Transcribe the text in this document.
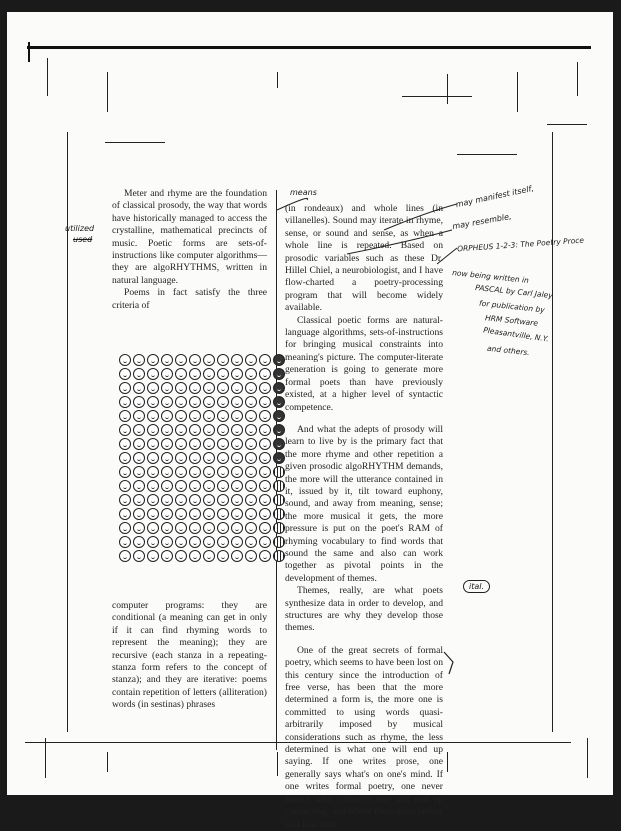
Meter and rhyme are the foundation of classical prosody, the way that words have historically managed to access the crystalline, mathematical precincts of music. Poetic forms are sets-of-instructions like computer algorithms—they are algoRHYTHMS, written in natural language.

Poems in fact satisfy the three criteria of

computer programs: they are conditional (a meaning can get in only if it can find rhyming words to represent the meaning); they are recursive (each stanza in a repeating-stanza form refers to the concept of stanza); and they are iterative: poems contain repetition of letters (alliteration) words (in sestinas) phrases

(in rondeaux) and whole lines (in villanelles). Sound may iterate in rhyme, sense, or sound and sense, as when a whole line is repeated. Based on prosodic variables such as these Dr. Hillel Chiel, a neurobiologist, and I have flow-charted a poetry-processing program that will become widely available.

Classical poetic forms are natural-language algorithms, sets-of-instructions for bringing musical constraints into meaning's picture. The computer-literate generation is going to generate more formal poets than have previously existed, at a higher level of syntactic competence.

And what the adepts of prosody will learn to live by is the primary fact that the more rhyme and other repetition a given prosodic algoRHYTHM demands, the more will the utterance contained in it, issued by it, tilt toward euphony, sound, and away from meaning, sense; the more musical it gets, the more pressure is put on the poet's RAM of rhyming vocabulary to find words that sound the same and also can work together as pivotal points in the development of themes.

Themes, really, are what poets synthesize data in order to develop, and structures are why they develop those themes.

One of the great secrets of formal poetry, which seems to have been lost on this century since the introduction of free verse, has been that the more determined a form is, the more one is committed to using words quasi-arbitrarily imposed by musical considerations such as rhyme, the less determined is what one will end up saying. If one writes prose, one generally says what's on one's mind. If one writes formal poetry, one never knows what concepts one will end up connecting, and where these associations will lead one.

utilized
used
means	may manifest itself,
may resemble,
ORPHEUS 1-2-3: The Poetry Proce
now being written in
PASCAL by Carl Jaley
for publication by
HRM Software
Pleasantville, N.Y.
and others.
ital.
